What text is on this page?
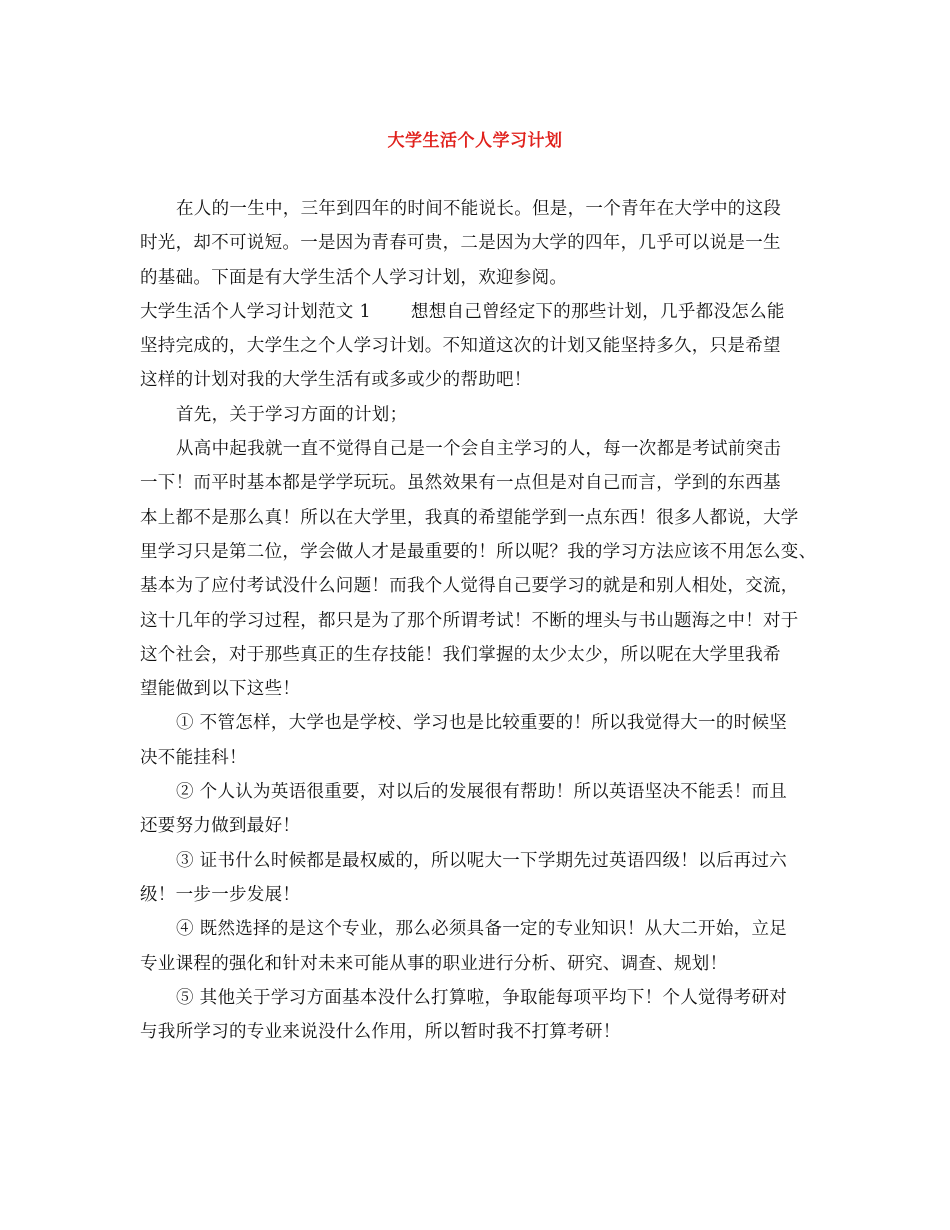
大学生活个人学习计划
在人的一生中，三年到四年的时间不能说长。但是，一个青年在大学中的这段
时光，却不可说短。一是因为青春可贵，二是因为大学的四年，几乎可以说是一生
的基础。下面是有大学生活个人学习计划，欢迎参阅。
大学生活个人学习计划范文 1 想想自己曾经定下的那些计划，几乎都没怎么能
坚持完成的，大学生之个人学习计划。不知道这次的计划又能坚持多久，只是希望
这样的计划对我的大学生活有或多或少的帮助吧！
首先，关于学习方面的计划；
从高中起我就一直不觉得自己是一个会自主学习的人，每一次都是考试前突击
一下！而平时基本都是学学玩玩。虽然效果有一点但是对自己而言，学到的东西基
本上都不是那么真！所以在大学里，我真的希望能学到一点东西！很多人都说，大学
里学习只是第二位，学会做人才是最重要的！所以呢？我的学习方法应该不用怎么变、
基本为了应付考试没什么问题！而我个人觉得自己要学习的就是和别人相处，交流，
这十几年的学习过程，都只是为了那个所谓考试！不断的埋头与书山题海之中！对于
这个社会，对于那些真正的生存技能！我们掌握的太少太少，所以呢在大学里我希
望能做到以下这些！
① 不管怎样，大学也是学校、学习也是比较重要的！所以我觉得大一的时候坚
决不能挂科！
② 个人认为英语很重要，对以后的发展很有帮助！所以英语坚决不能丢！而且
还要努力做到最好！
③ 证书什么时候都是最权威的，所以呢大一下学期先过英语四级！以后再过六
级！一步一步发展！
④ 既然选择的是这个专业，那么必须具备一定的专业知识！从大二开始，立足
专业课程的强化和针对未来可能从事的职业进行分析、研究、调查、规划！
⑤ 其他关于学习方面基本没什么打算啦，争取能每项平均下！个人觉得考研对
与我所学习的专业来说没什么作用，所以暂时我不打算考研！
